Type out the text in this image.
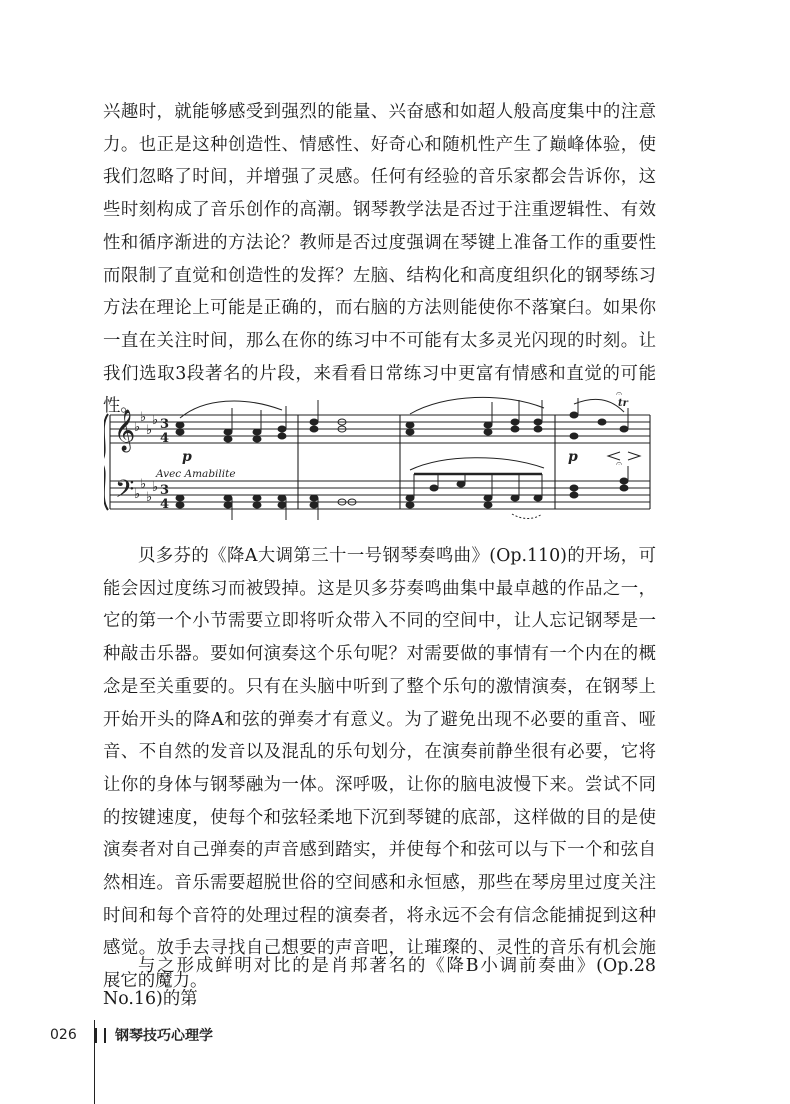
兴趣时，就能够感受到强烈的能量、兴奋感和如超人般高度集中的注意力。也正是这种创造性、情感性、好奇心和随机性产生了巅峰体验，使我们忽略了时间，并增强了灵感。任何有经验的音乐家都会告诉你，这些时刻构成了音乐创作的高潮。钢琴教学法是否过于注重逻辑性、有效性和循序渐进的方法论？教师是否过度强调在琴键上准备工作的重要性而限制了直觉和创造性的发挥？左脑、结构化和高度组织化的钢琴练习方法在理论上可能是正确的，而右脑的方法则能使你不落窠臼。如果你一直在关注时间，那么在你的练习中不可能有太多灵光闪现的时刻。让我们选取3段著名的片段，来看看日常练习中更富有情感和直觉的可能性。

𝄞
𝄢
♭
♭
♭
♭
♭
♭
♭
♭
3
4
3
4
tr
𝄐
p
Avec Amabilite
p	𝄐

贝多芬的《降A大调第三十一号钢琴奏鸣曲》(Op.110)的开场，可能会因过度练习而被毁掉。这是贝多芬奏鸣曲集中最卓越的作品之一，它的第一个小节需要立即将听众带入不同的空间中，让人忘记钢琴是一种敲击乐器。要如何演奏这个乐句呢？对需要做的事情有一个内在的概念是至关重要的。只有在头脑中听到了整个乐句的激情演奏，在钢琴上开始开头的降A和弦的弹奏才有意义。为了避免出现不必要的重音、哑音、不自然的发音以及混乱的乐句划分，在演奏前静坐很有必要，它将让你的身体与钢琴融为一体。深呼吸，让你的脑电波慢下来。尝试不同的按键速度，使每个和弦轻柔地下沉到琴键的底部，这样做的目的是使演奏者对自己弹奏的声音感到踏实，并使每个和弦可以与下一个和弦自然相连。音乐需要超脱世俗的空间感和永恒感，那些在琴房里过度关注时间和每个音符的处理过程的演奏者，将永远不会有信念能捕捉到这种感觉。放手去寻找自己想要的声音吧，让璀璨的、灵性的音乐有机会施展它的魔力。

与之形成鲜明对比的是肖邦著名的《降B小调前奏曲》(Op.28 No.16)的第

026	钢琴技巧心理学
